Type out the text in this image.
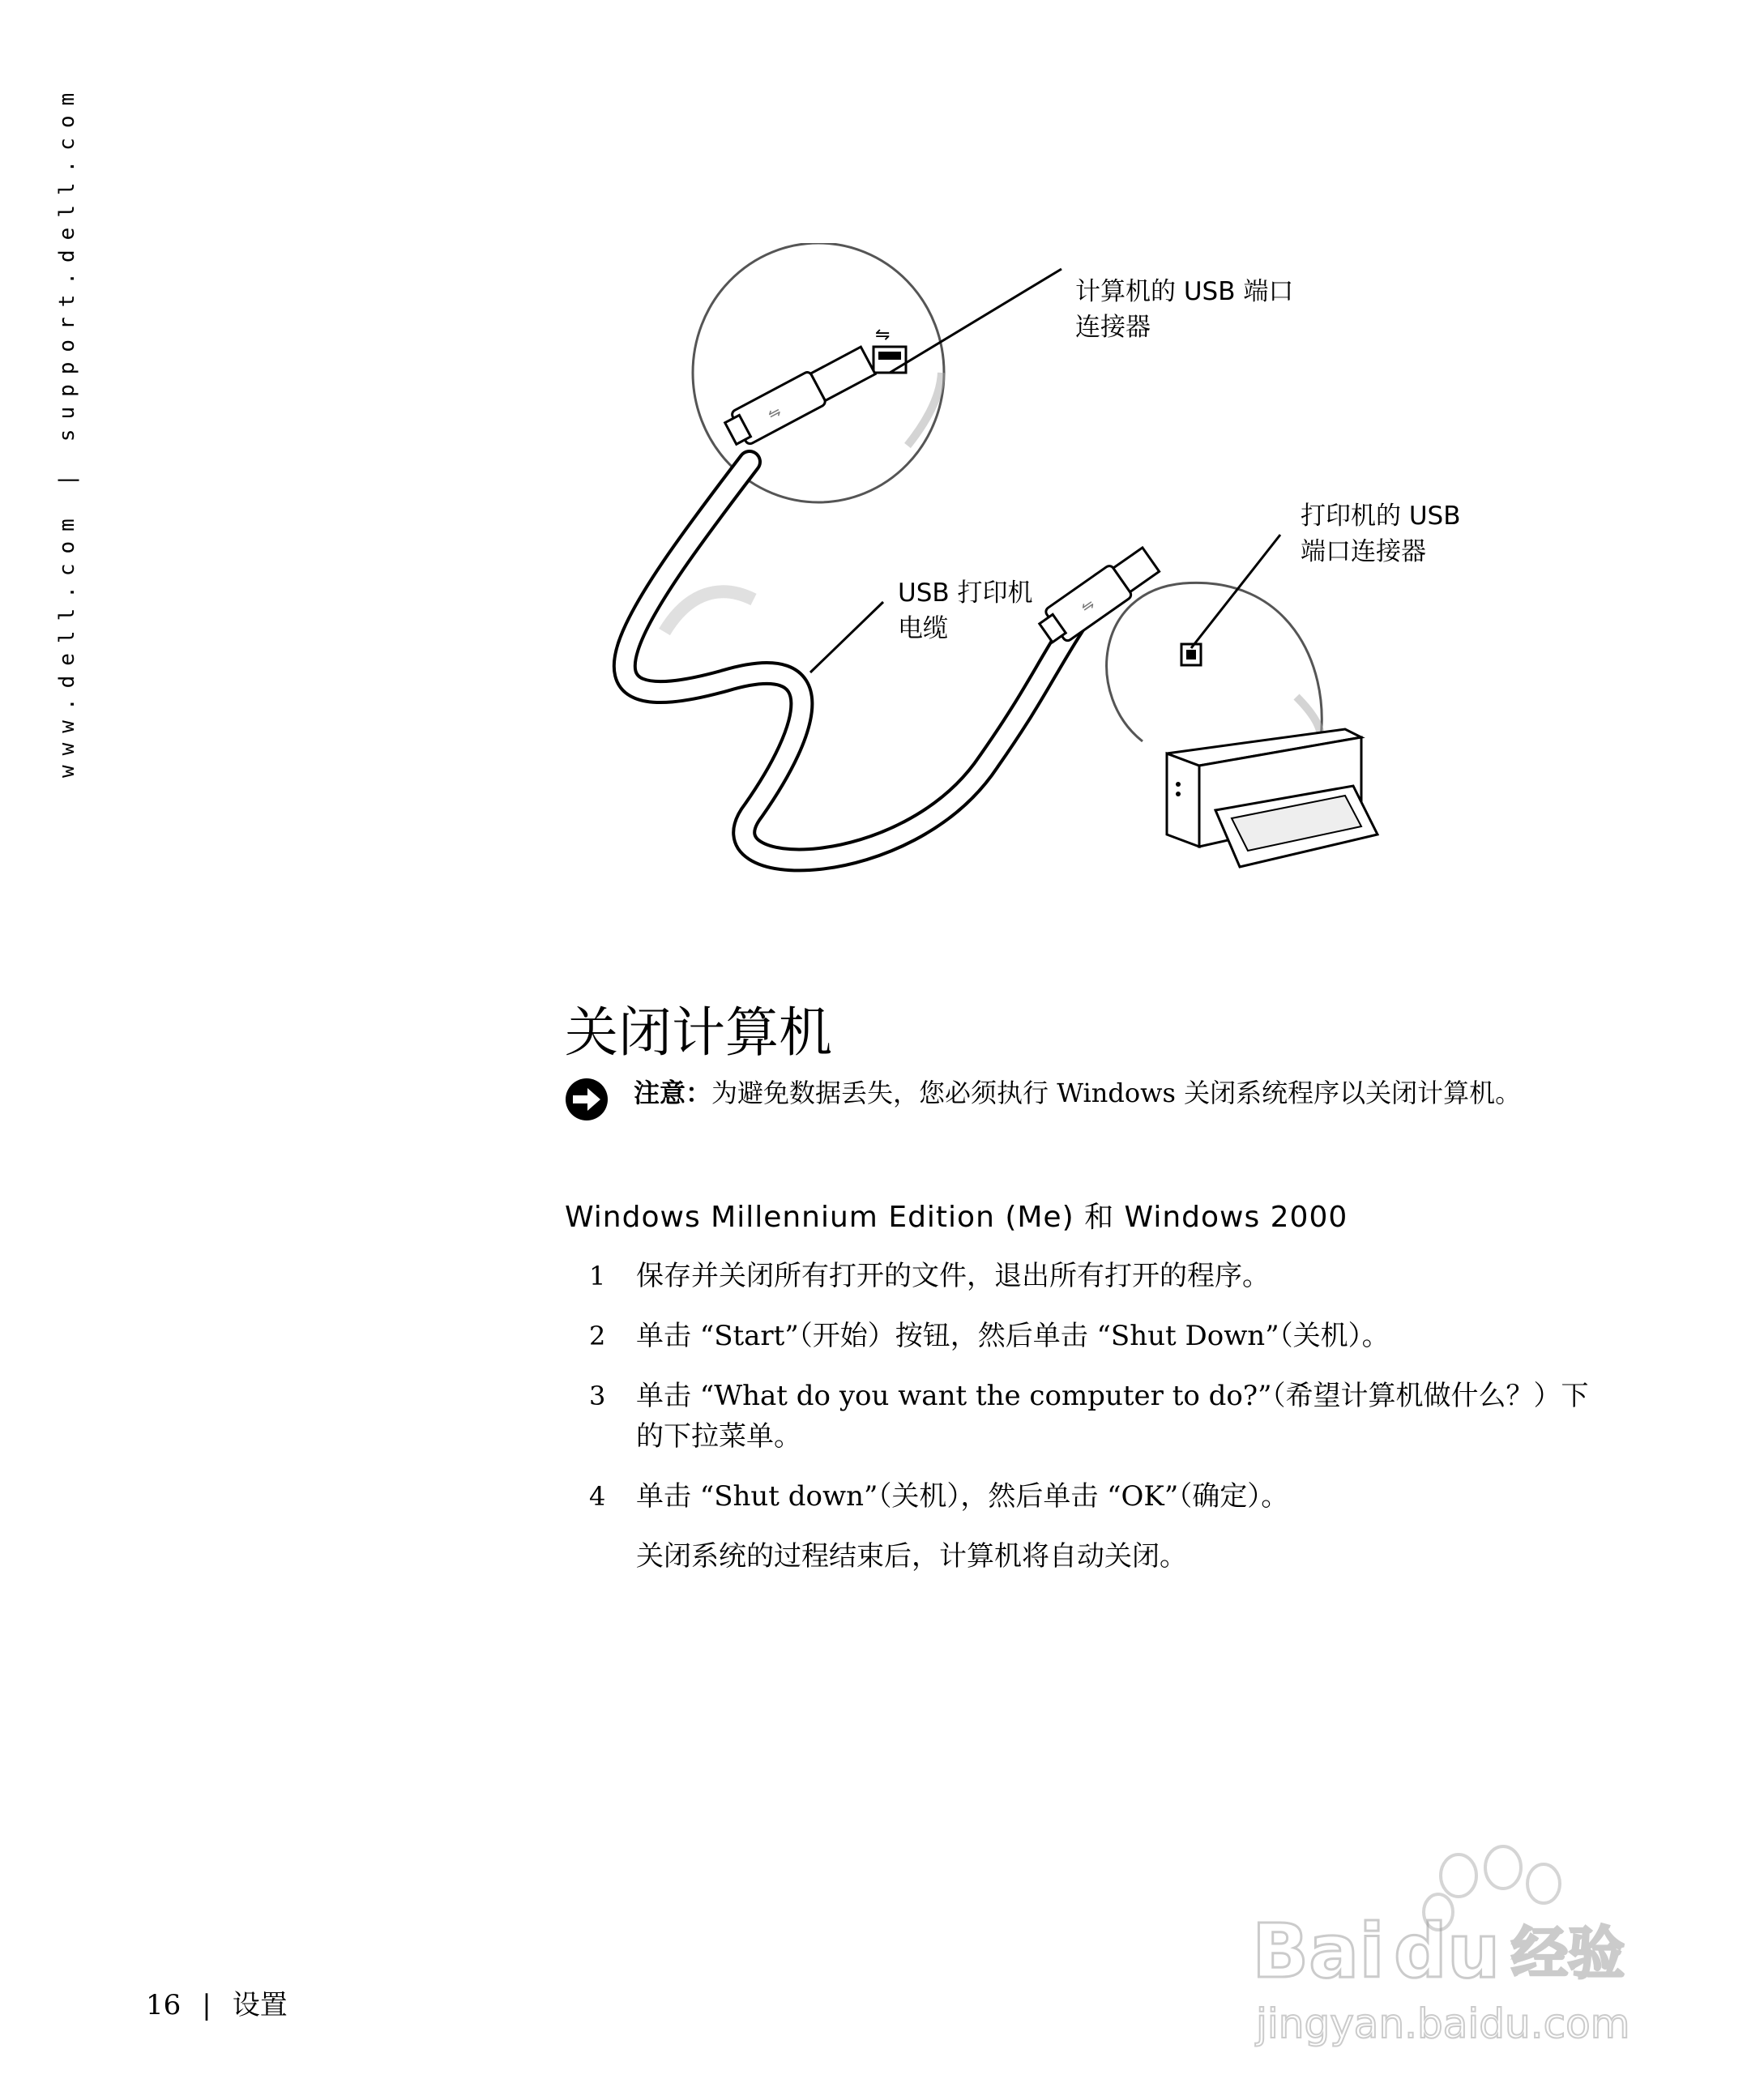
www.dell.com | support.dell.com	⇋
⇋
⇋
计算机的 USB 端口
连接器
打印机的 USB
端口连接器
USB 打印机
电缆
关闭计算机

注意：为避免数据丢失，您必须执行 Windows 关闭系统程序以关闭计算机。

Windows Millennium Edition (Me) 和 Windows 2000
1 保存并关闭所有打开的文件，退出所有打开的程序。
2 单击 “Start”（开始）按钮，然后单击 “Shut Down”（关机）。
3 单击 “What do you want the computer to do?”（希望计算机做什么？）下的下拉菜单。
4 单击 “Shut down”（关机），然后单击 “OK”（确定）。

关闭系统的过程结束后，计算机将自动关闭。

16 | 设置
Bai du 经验
jingyan.baidu.com
